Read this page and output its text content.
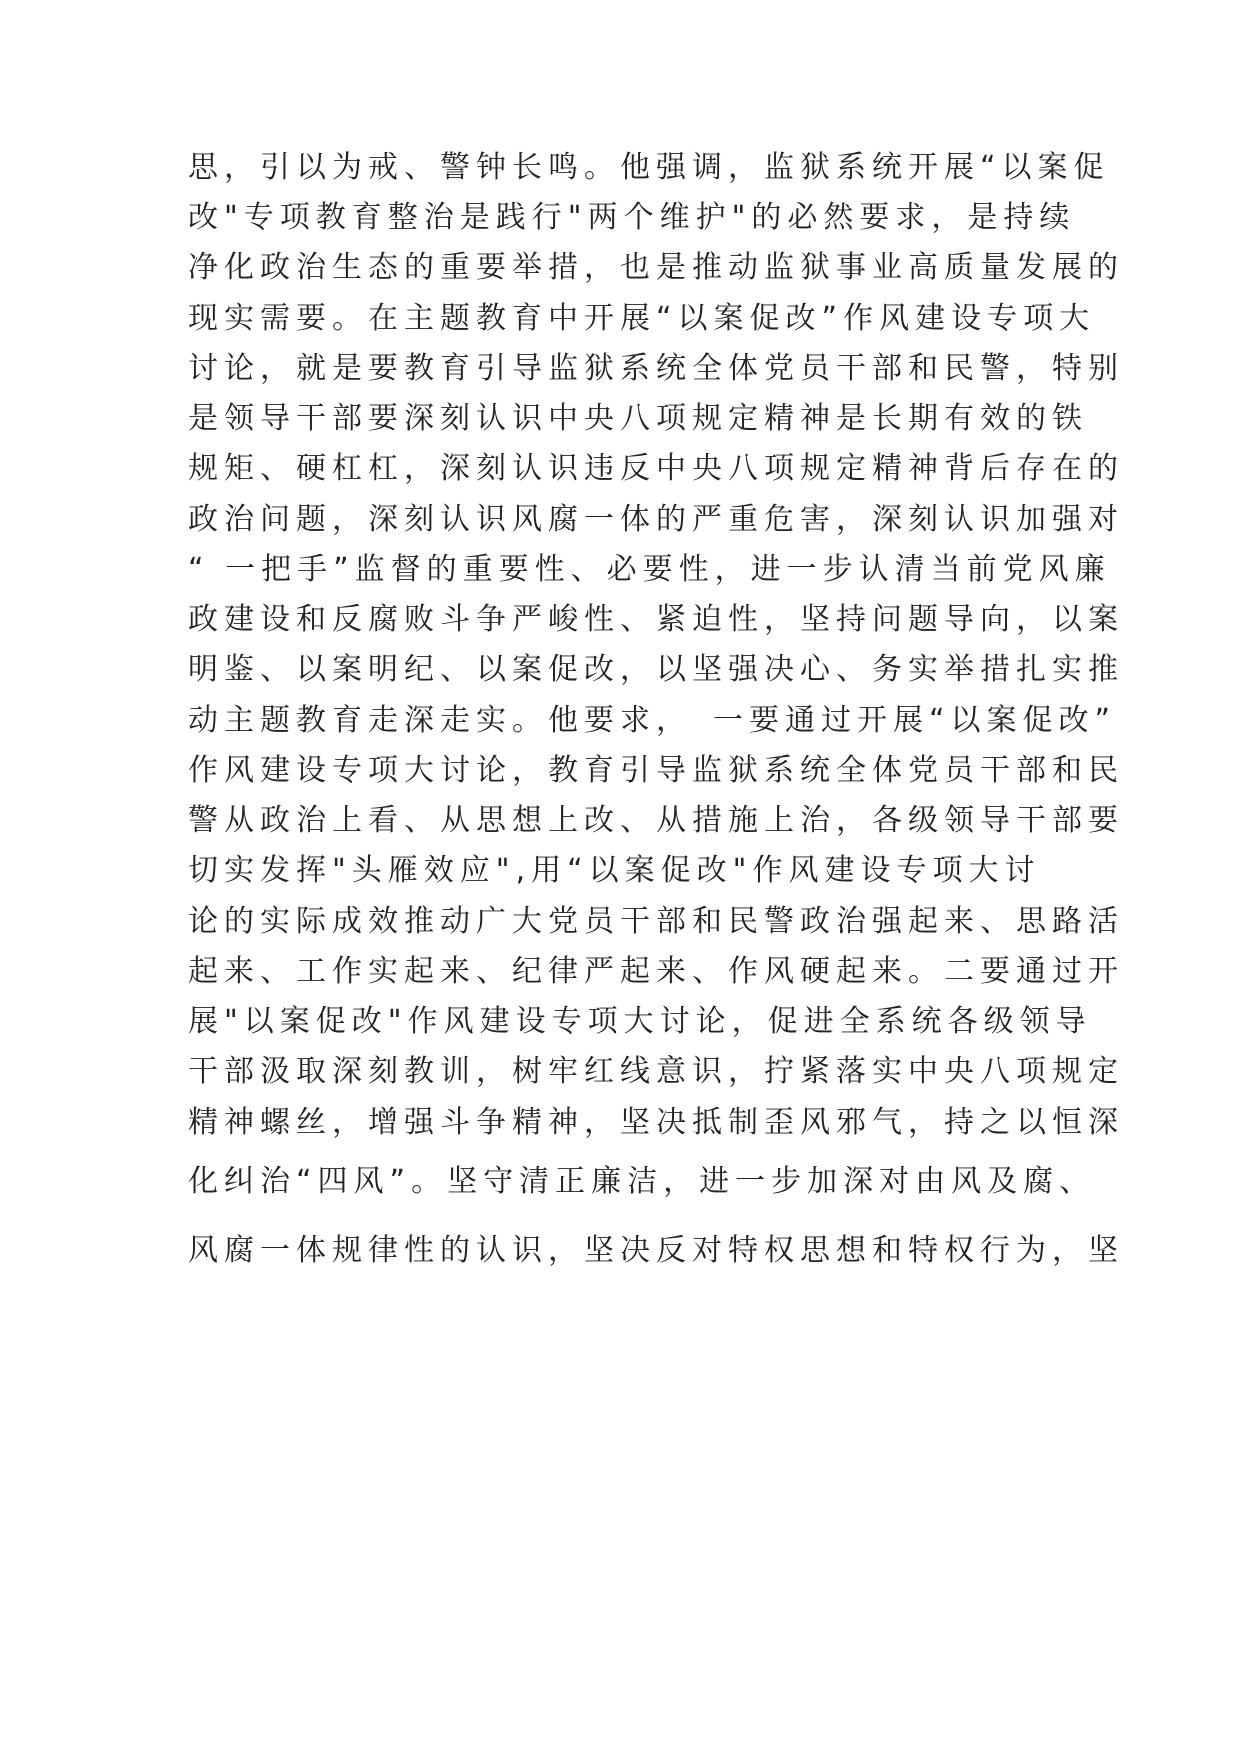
思，引以为戒、警钟长鸣。他强调，监狱系统开展“以案促
改"专项教育整治是践行"两个维护"的必然要求，是持续
净化政治生态的重要举措，也是推动监狱事业高质量发展的
现实需要。在主题教育中开展“以案促改”作风建设专项大
讨论，就是要教育引导监狱系统全体党员干部和民警，特别
是领导干部要深刻认识中央八项规定精神是长期有效的铁
规矩、硬杠杠，深刻认识违反中央八项规定精神背后存在的
政治问题，深刻认识风腐一体的严重危害，深刻认识加强对
“ 一把手”监督的重要性、必要性，进一步认清当前党风廉
政建设和反腐败斗争严峻性、紧迫性，坚持问题导向，以案
明鉴、以案明纪、以案促改，以坚强决心、务实举措扎实推
动主题教育走深走实。他要求，　一要通过开展“以案促改”
作风建设专项大讨论，教育引导监狱系统全体党员干部和民
警从政治上看、从思想上改、从措施上治，各级领导干部要
切实发挥"头雁效应",用“以案促改"作风建设专项大讨
论的实际成效推动广大党员干部和民警政治强起来、思路活
起来、工作实起来、纪律严起来、作风硬起来。二要通过开
展"以案促改"作风建设专项大讨论，促进全系统各级领导
干部汲取深刻教训，树牢红线意识，拧紧落实中央八项规定
精神螺丝，增强斗争精神，坚决抵制歪风邪气，持之以恒深
化纠治“四风”。坚守清正廉洁，进一步加深对由风及腐、
风腐一体规律性的认识，坚决反对特权思想和特权行为，坚
